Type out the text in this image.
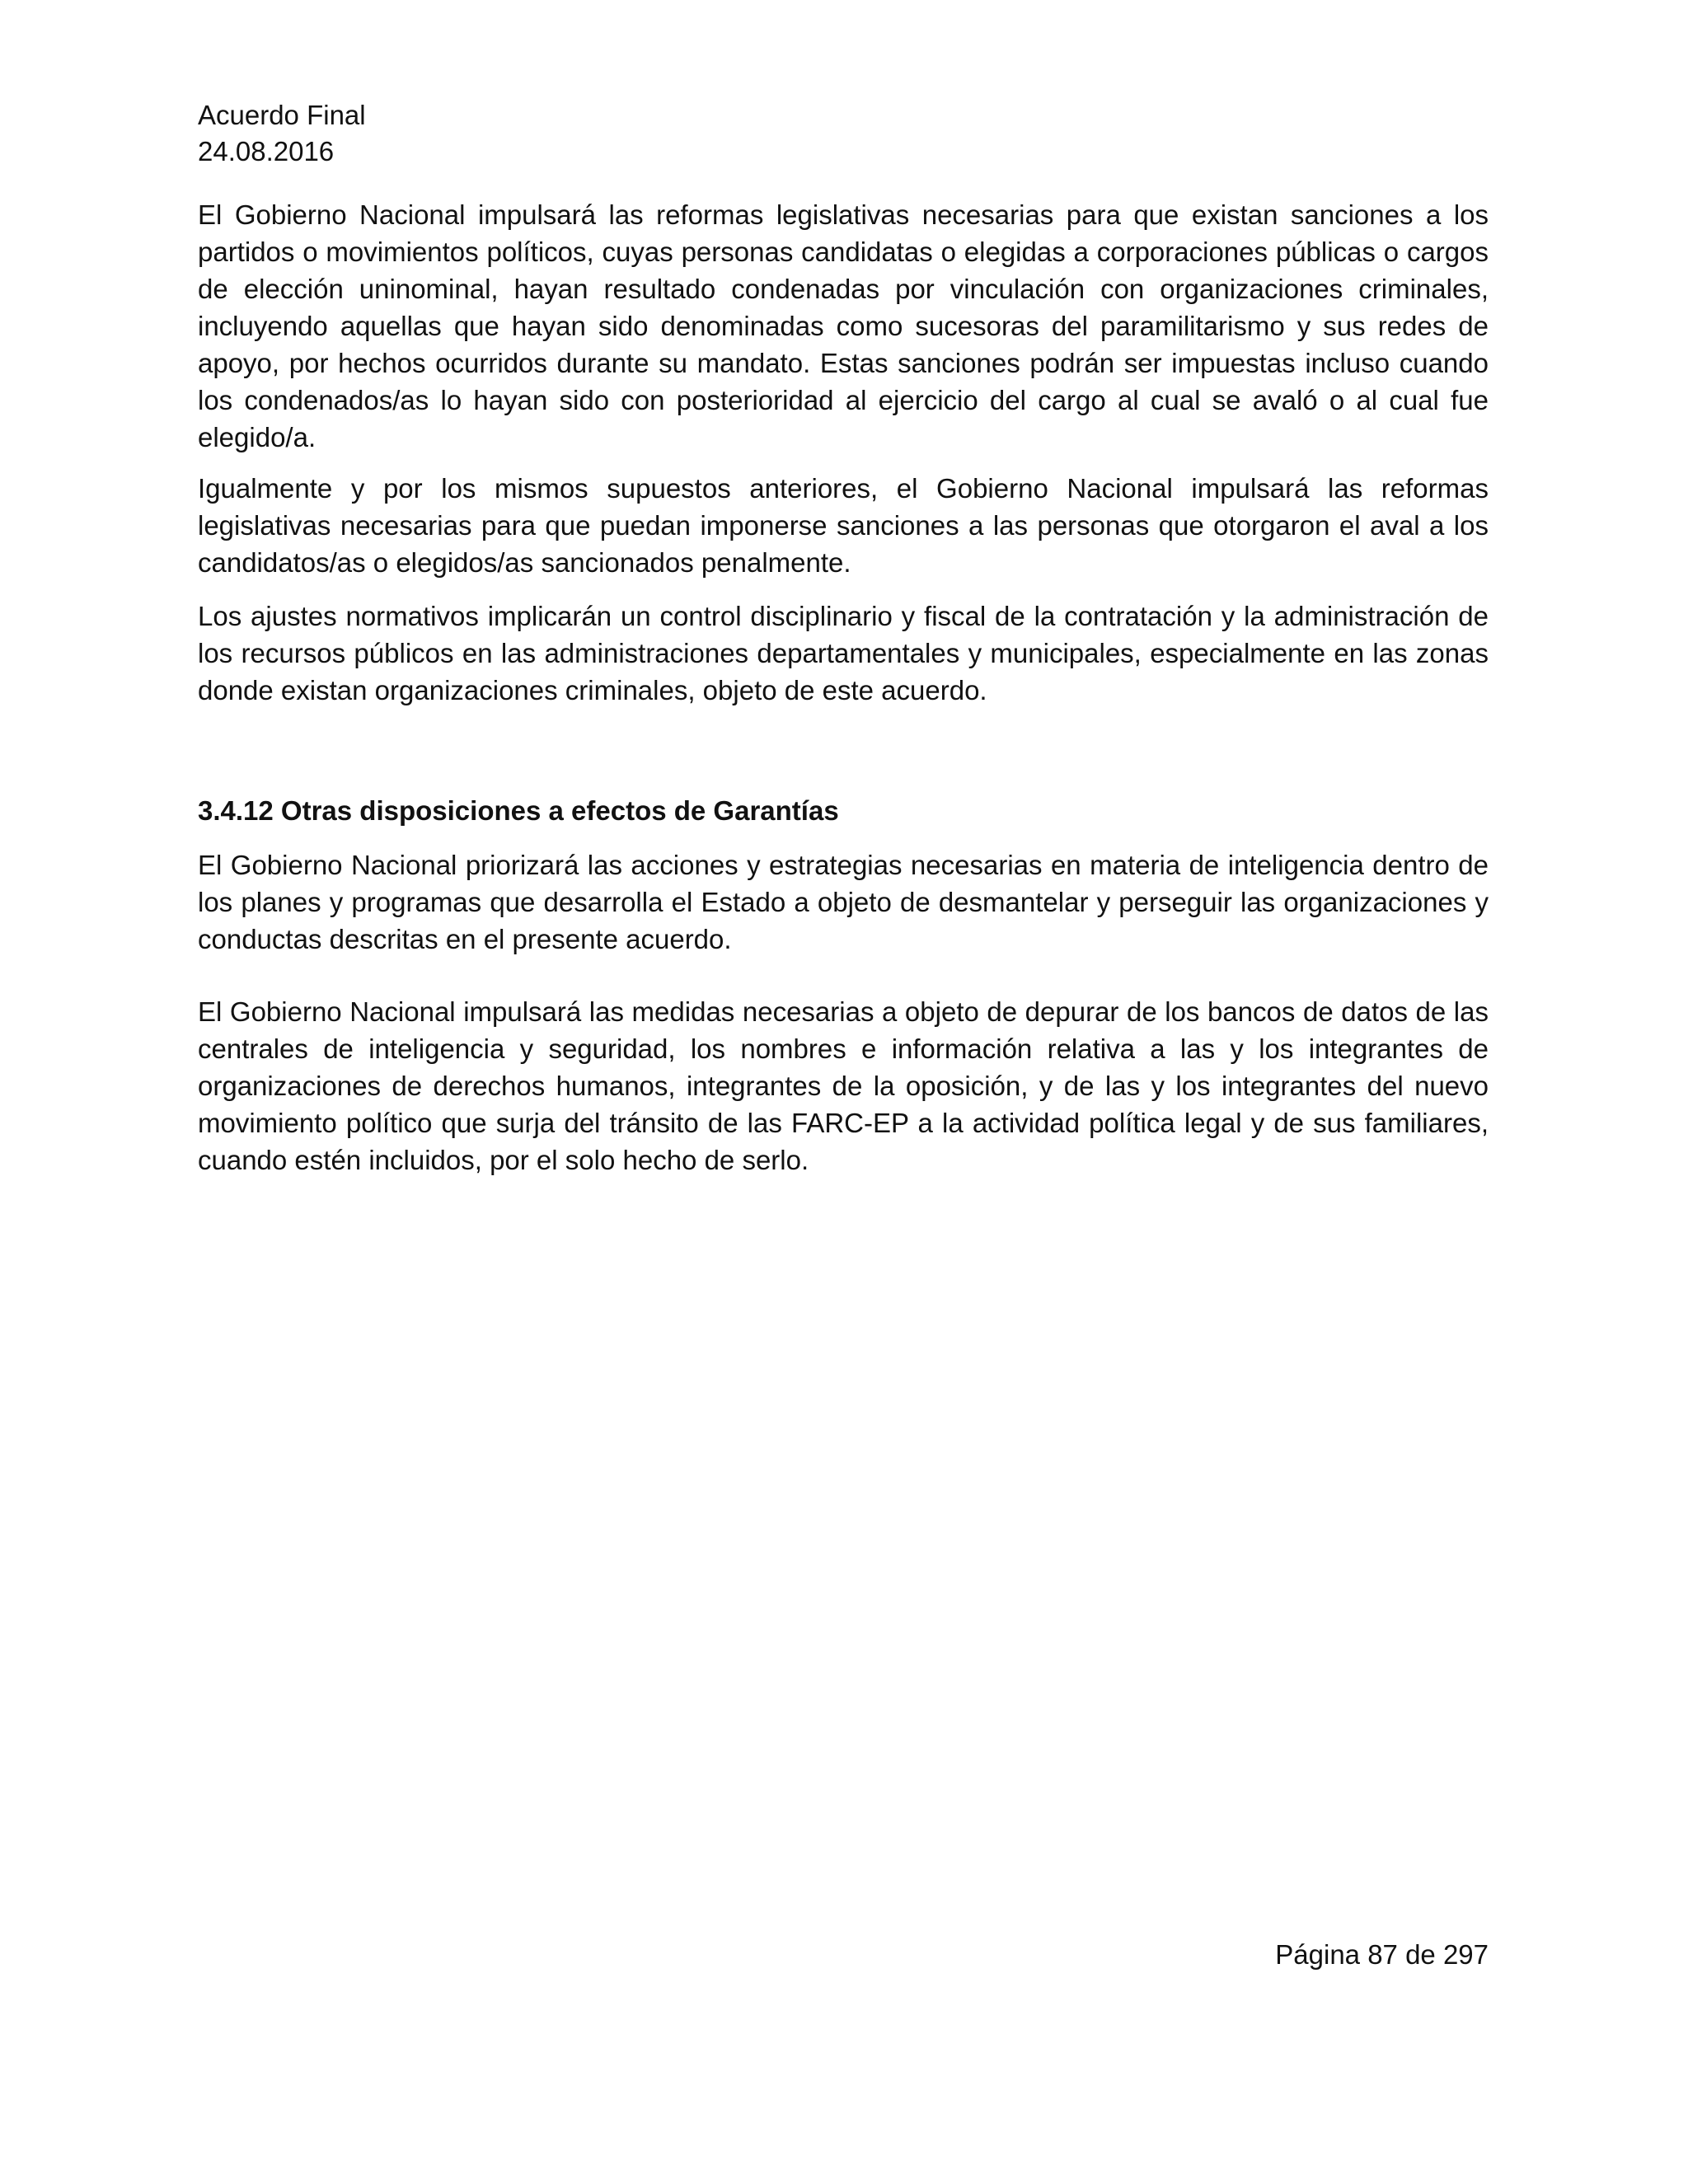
Acuerdo Final
24.08.2016

El Gobierno Nacional impulsará las reformas legislativas necesarias para que existan sanciones a los partidos o movimientos políticos, cuyas personas candidatas o elegidas a corporaciones públicas o cargos de elección uninominal, hayan resultado condenadas por vinculación con organizaciones criminales, incluyendo aquellas que hayan sido denominadas como sucesoras del paramilitarismo y sus redes de apoyo, por hechos ocurridos durante su mandato. Estas sanciones podrán ser impuestas incluso cuando los condenados/as lo hayan sido con posterioridad al ejercicio del cargo al cual se avaló o al cual fue elegido/a.

Igualmente y por los mismos supuestos anteriores, el Gobierno Nacional impulsará las reformas legislativas necesarias para que puedan imponerse sanciones a las personas que otorgaron el aval a los candidatos/as o elegidos/as sancionados penalmente.

Los ajustes normativos implicarán un control disciplinario y fiscal de la contratación y la administración de los recursos públicos en las administraciones departamentales y municipales, especialmente en las zonas donde existan organizaciones criminales, objeto de este acuerdo.

3.4.12 Otras disposiciones a efectos de Garantías

El Gobierno Nacional priorizará las acciones y estrategias necesarias en materia de inteligencia dentro de los planes y programas que desarrolla el Estado a objeto de desmantelar y perseguir las organizaciones y conductas descritas en el presente acuerdo.

El Gobierno Nacional impulsará las medidas necesarias a objeto de depurar de los bancos de datos de las centrales de inteligencia y seguridad, los nombres e información relativa a las y los integrantes de organizaciones de derechos humanos, integrantes de la oposición, y de las y los integrantes del nuevo movimiento político que surja del tránsito de las FARC-EP a la actividad política legal y de sus familiares, cuando estén incluidos, por el solo hecho de serlo.

Página 87 de 297
